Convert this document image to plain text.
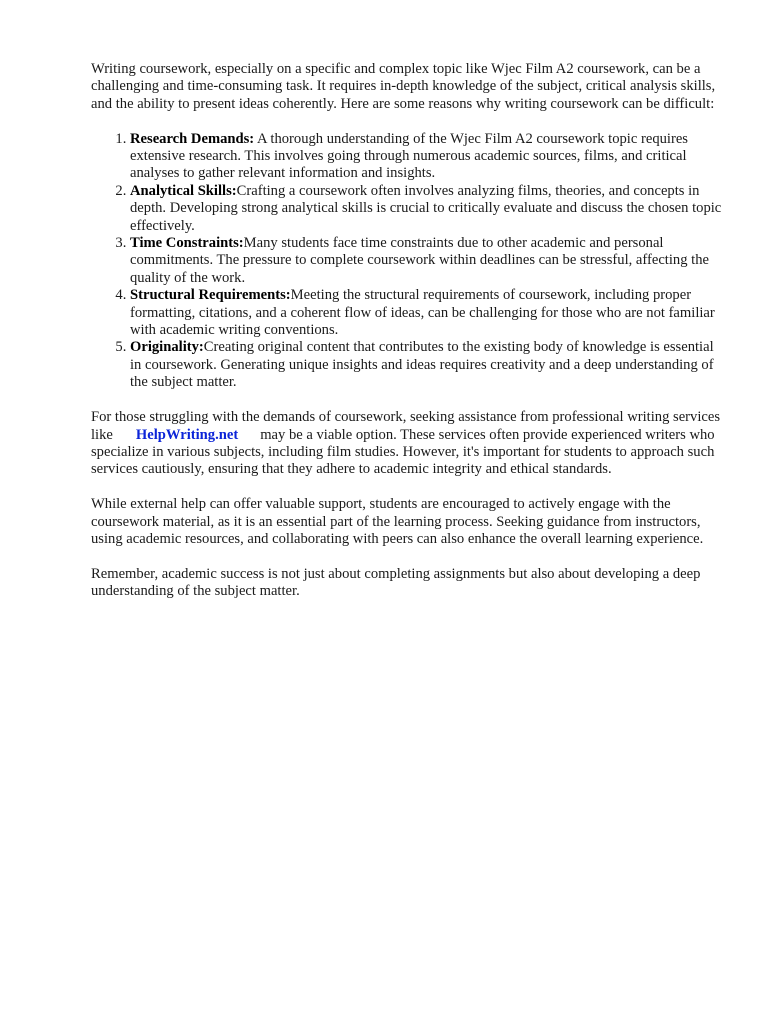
Writing coursework, especially on a specific and complex topic like Wjec Film A2 coursework, can be a challenging and time-consuming task. It requires in-depth knowledge of the subject, critical analysis skills, and the ability to present ideas coherently. Here are some reasons why writing coursework can be difficult:

1. Research Demands: A thorough understanding of the Wjec Film A2 coursework topic requires extensive research. This involves going through numerous academic sources, films, and critical analyses to gather relevant information and insights.
2. Analytical Skills:Crafting a coursework often involves analyzing films, theories, and concepts in depth. Developing strong analytical skills is crucial to critically evaluate and discuss the chosen topic effectively.
3. Time Constraints:Many students face time constraints due to other academic and personal commitments. The pressure to complete coursework within deadlines can be stressful, affecting the quality of the work.
4. Structural Requirements:Meeting the structural requirements of coursework, including proper formatting, citations, and a coherent flow of ideas, can be challenging for those who are not familiar with academic writing conventions.
5. Originality:Creating original content that contributes to the existing body of knowledge is essential in coursework. Generating unique insights and ideas requires creativity and a deep understanding of the subject matter.

For those struggling with the demands of coursework, seeking assistance from professional writing services like HelpWriting.net may be a viable option. These services often provide experienced writers who specialize in various subjects, including film studies. However, it's important for students to approach such services cautiously, ensuring that they adhere to academic integrity and ethical standards.

While external help can offer valuable support, students are encouraged to actively engage with the coursework material, as it is an essential part of the learning process. Seeking guidance from instructors, using academic resources, and collaborating with peers can also enhance the overall learning experience.

Remember, academic success is not just about completing assignments but also about developing a deep understanding of the subject matter.
